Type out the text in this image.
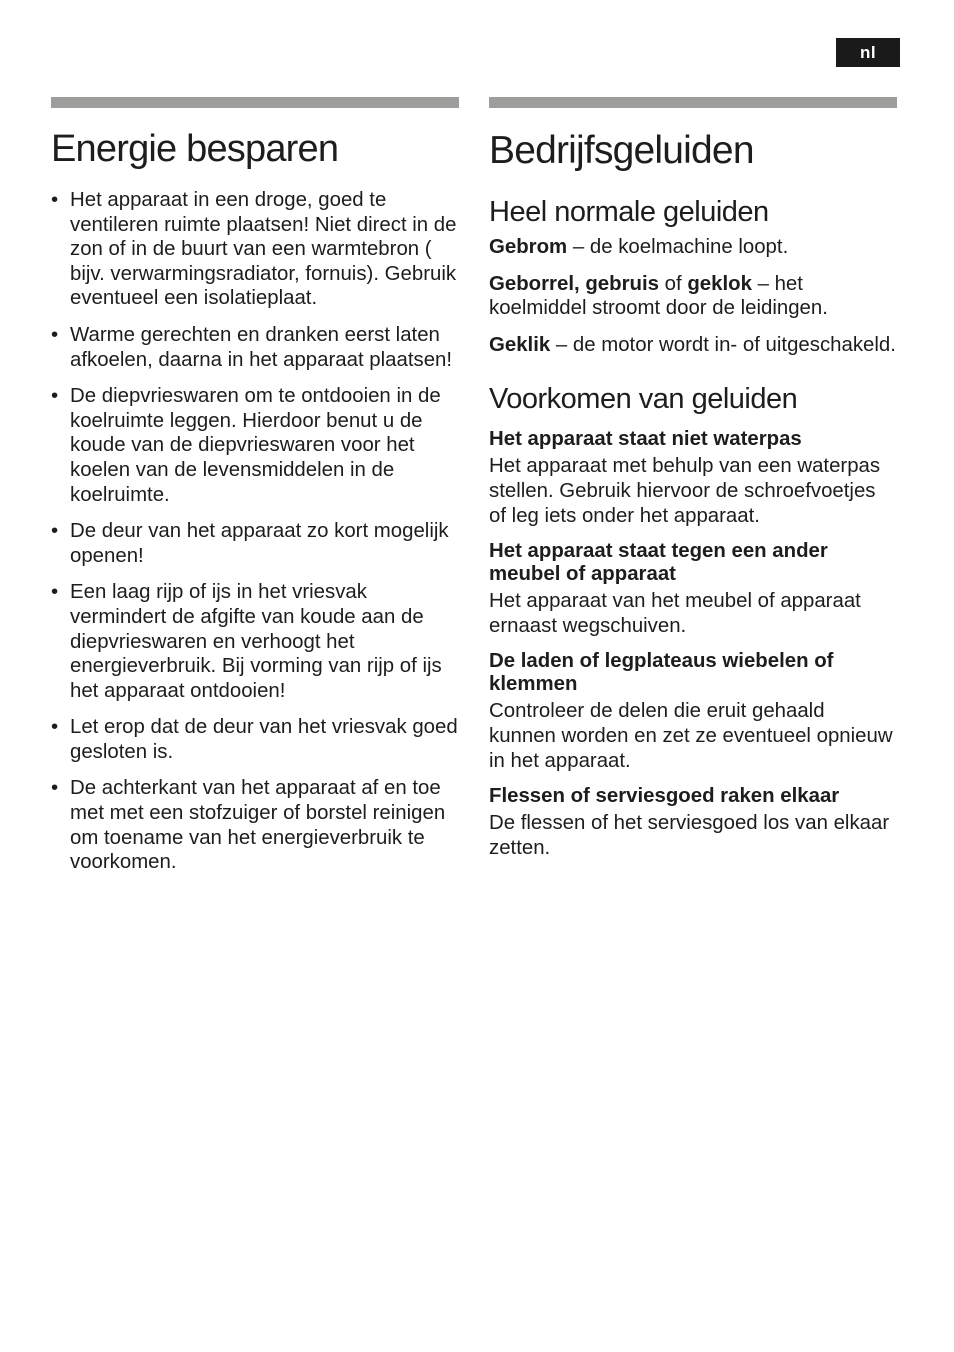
nl
Energie besparen
• Het apparaat in een droge, goed te ventileren ruimte plaatsen! Niet direct in de zon of in de buurt van een warmtebron ( bijv. verwarmingsradiator, fornuis). Gebruik eventueel een isolatieplaat.
• Warme gerechten en dranken eerst laten afkoelen, daarna in het apparaat plaatsen!
• De diepvrieswaren om te ontdooien in de koelruimte leggen. Hierdoor benut u de koude van de diepvrieswaren voor het koelen van de levensmiddelen in de koelruimte.
• De deur van het apparaat zo kort mogelijk openen!
• Een laag rijp of ijs in het vriesvak vermindert de afgifte van koude aan de diepvrieswaren en verhoogt het energieverbruik. Bij vorming van rijp of ijs het apparaat ontdooien!
• Let erop dat de deur van het vriesvak goed gesloten is.
• De achterkant van het apparaat af en toe met met een stofzuiger of borstel reinigen om toename van het energieverbruik te voorkomen.
Bedrijfsgeluiden
Heel normale geluiden

Gebrom – de koelmachine loopt.

Geborrel, gebruis of geklok – het koelmiddel stroomt door de leidingen.

Geklik – de motor wordt in- of uitgeschakeld.

Voorkomen van geluiden
Het apparaat staat niet waterpas
Het apparaat met behulp van een waterpas stellen. Gebruik hiervoor de schroefvoetjes of leg iets onder het apparaat.
Het apparaat staat tegen een ander meubel of apparaat
Het apparaat van het meubel of apparaat ernaast wegschuiven.
De laden of legplateaus wiebelen of klemmen
Controleer de delen die eruit gehaald kunnen worden en zet ze eventueel opnieuw in het apparaat.
Flessen of serviesgoed raken elkaar
De flessen of het serviesgoed los van elkaar zetten.
